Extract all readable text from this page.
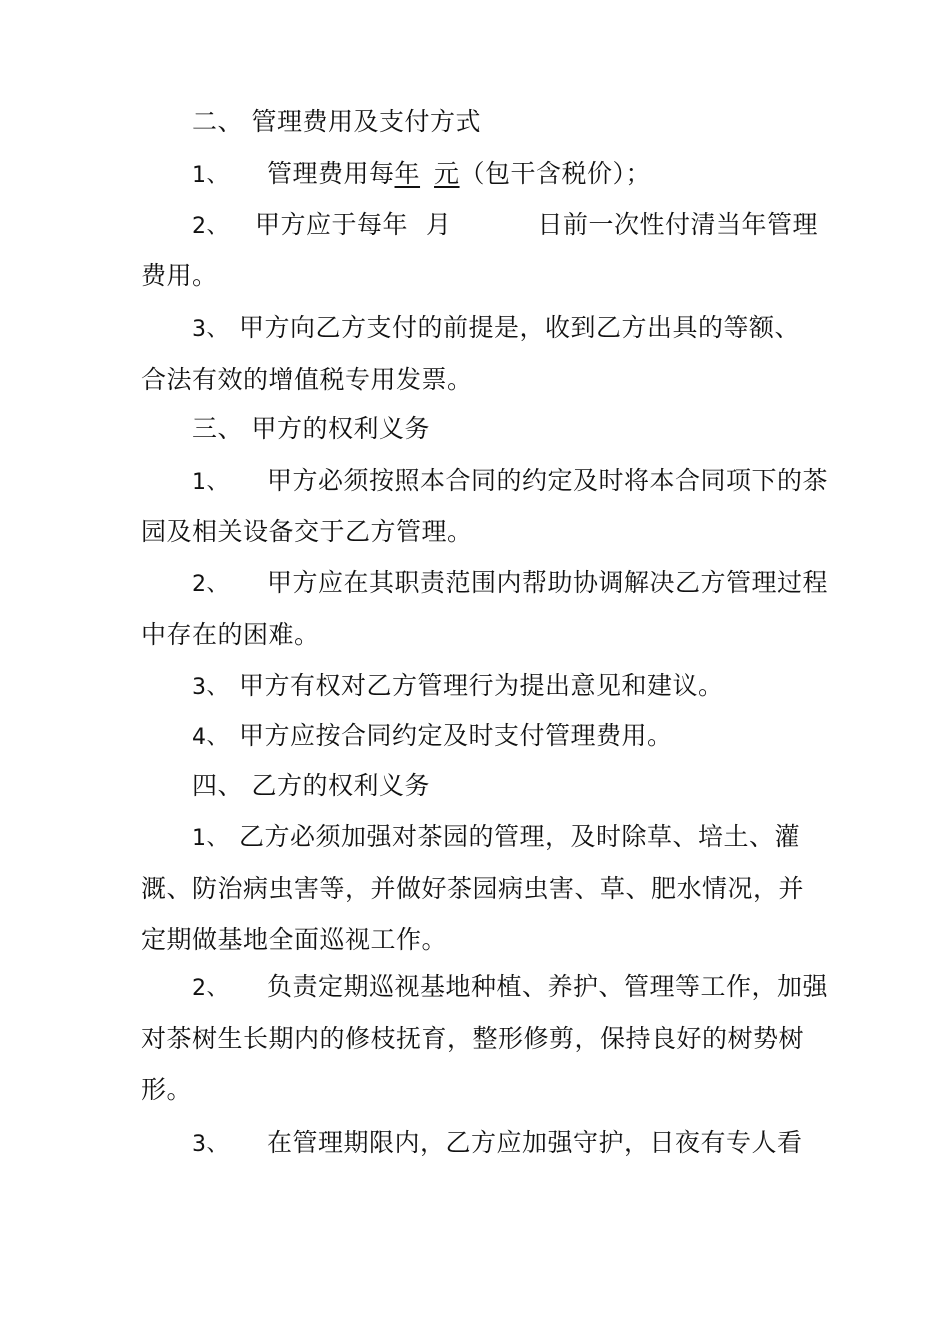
二、 管理费用及支付方式
1、 管理费用每年 元（包干含税价）；
2、 甲方应于每年 月	日前一次性付清当年管理
费用。
3、 甲方向乙方支付的前提是，收到乙方出具的等额、
合法有效的增值税专用发票。
三、 甲方的权利义务
1、 甲方必须按照本合同的约定及时将本合同项下的茶
园及相关设备交于乙方管理。
2、 甲方应在其职责范围内帮助协调解决乙方管理过程
中存在的困难。
3、 甲方有权对乙方管理行为提出意见和建议。
4、 甲方应按合同约定及时支付管理费用。
四、 乙方的权利义务
1、 乙方必须加强对茶园的管理，及时除草、培土、灌
溉、防治病虫害等，并做好茶园病虫害、草、肥水情况，并
定期做基地全面巡视工作。
2、 负责定期巡视基地种植、养护、管理等工作，加强
对茶树生长期内的修枝抚育，整形修剪，保持良好的树势树
形。
3、 在管理期限内，乙方应加强守护，日夜有专人看
